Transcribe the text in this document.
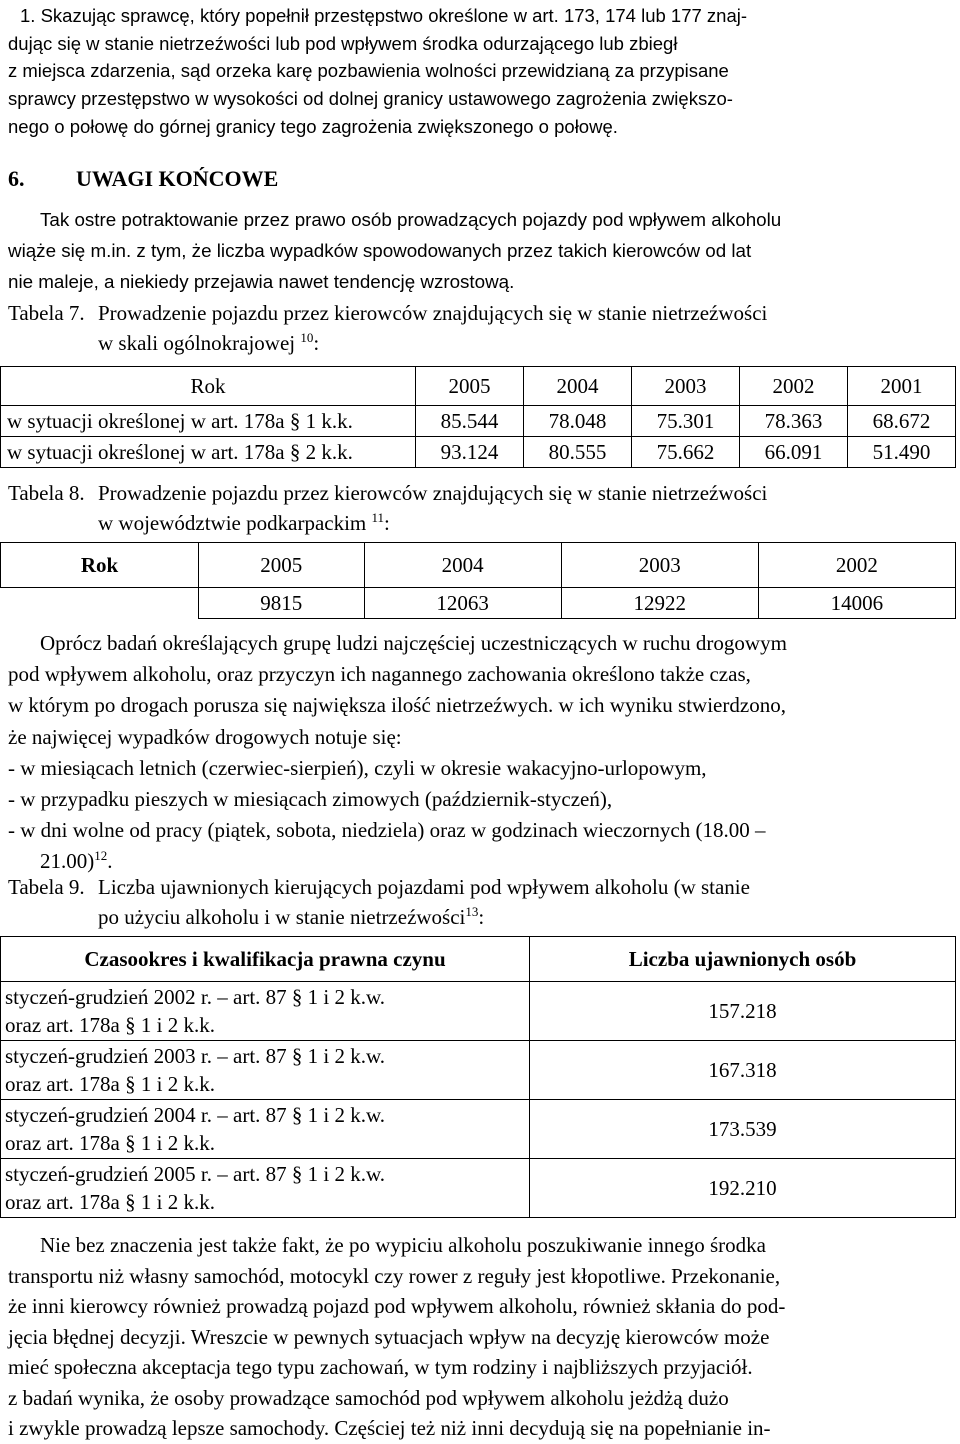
1. Skazując sprawcę, który popełnił przestępstwo określone w art. 173, 174 lub 177 znaj-
dując się w stanie nietrzeźwości lub pod wpływem środka odurzającego lub zbiegł
z miejsca zdarzenia, sąd orzeka karę pozbawienia wolności przewidzianą za przypisane
sprawcy przestępstwo w wysokości od dolnej granicy ustawowego zagrożenia zwiększo-
nego o połowę do górnej granicy tego zagrożenia zwiększonego o połowę.
6. UWAGI KOŃCOWE
Tak ostre potraktowanie przez prawo osób prowadzących pojazdy pod wpływem alkoholu
wiąże się m.in. z tym, że liczba wypadków spowodowanych przez takich kierowców od lat
nie maleje, a niekiedy przejawia nawet tendencję wzrostową.
Tabela 7. Prowadzenie pojazdu przez kierowców znajdujących się w stanie nietrzeźwości
w skali ogólnokrajowej $^{10}$:
Rok	2005	2004	2003	2002	2001
w sytuacji określonej w art. 178a § 1 k.k.	85.544	78.048	75.301	78.363	68.672
w sytuacji określonej w art. 178a § 2 k.k.	93.124	80.555	75.662	66.091	51.490
Tabela 8. Prowadzenie pojazdu przez kierowców znajdujących się w stanie nietrzeźwości
w województwie podkarpackim $^{11}$:
Rok	2005	2004	2003	2002
	9815	12063	12922	14006
Oprócz badań określających grupę ludzi najczęściej uczestniczących w ruchu drogowym
pod wpływem alkoholu, oraz przyczyn ich nagannego zachowania określono także czas,
w którym po drogach porusza się największa ilość nietrzeźwych. w ich wyniku stwierdzono,
że najwięcej wypadków drogowych notuje się:
- w miesiącach letnich (czerwiec-sierpień), czyli w okresie wakacyjno-urlopowym,
- w przypadku pieszych w miesiącach zimowych (październik-styczeń),
- w dni wolne od pracy (piątek, sobota, niedziela) oraz w godzinach wieczornych (18.00 –
21.00)$^{12}$.
Tabela 9. Liczba ujawnionych kierujących pojazdami pod wpływem alkoholu (w stanie
po użyciu alkoholu i w stanie nietrzeźwości$^{13}$:
Czasookres i kwalifikacja prawna czynu	Liczba ujawnionych osób
styczeń-grudzień 2002 r. – art. 87 § 1 i 2 k.w.
oraz art. 178a § 1 i 2 k.k.	157.218
styczeń-grudzień 2003 r. – art. 87 § 1 i 2 k.w.
oraz art. 178a § 1 i 2 k.k.	167.318
styczeń-grudzień 2004 r. – art. 87 § 1 i 2 k.w.
oraz art. 178a § 1 i 2 k.k.	173.539
styczeń-grudzień 2005 r. – art. 87 § 1 i 2 k.w.
oraz art. 178a § 1 i 2 k.k.	192.210
Nie bez znaczenia jest także fakt, że po wypiciu alkoholu poszukiwanie innego środka
transportu niż własny samochód, motocykl czy rower z reguły jest kłopotliwe. Przekonanie,
że inni kierowcy również prowadzą pojazd pod wpływem alkoholu, również skłania do pod-
jęcia błędnej decyzji. Wreszcie w pewnych sytuacjach wpływ na decyzję kierowców może
mieć społeczna akceptacja tego typu zachowań, w tym rodziny i najbliższych przyjaciół.
z badań wynika, że osoby prowadzące samochód pod wpływem alkoholu jeżdżą dużo
i zwykle prowadzą lepsze samochody. Częściej też niż inni decydują się na popełnianie in-
